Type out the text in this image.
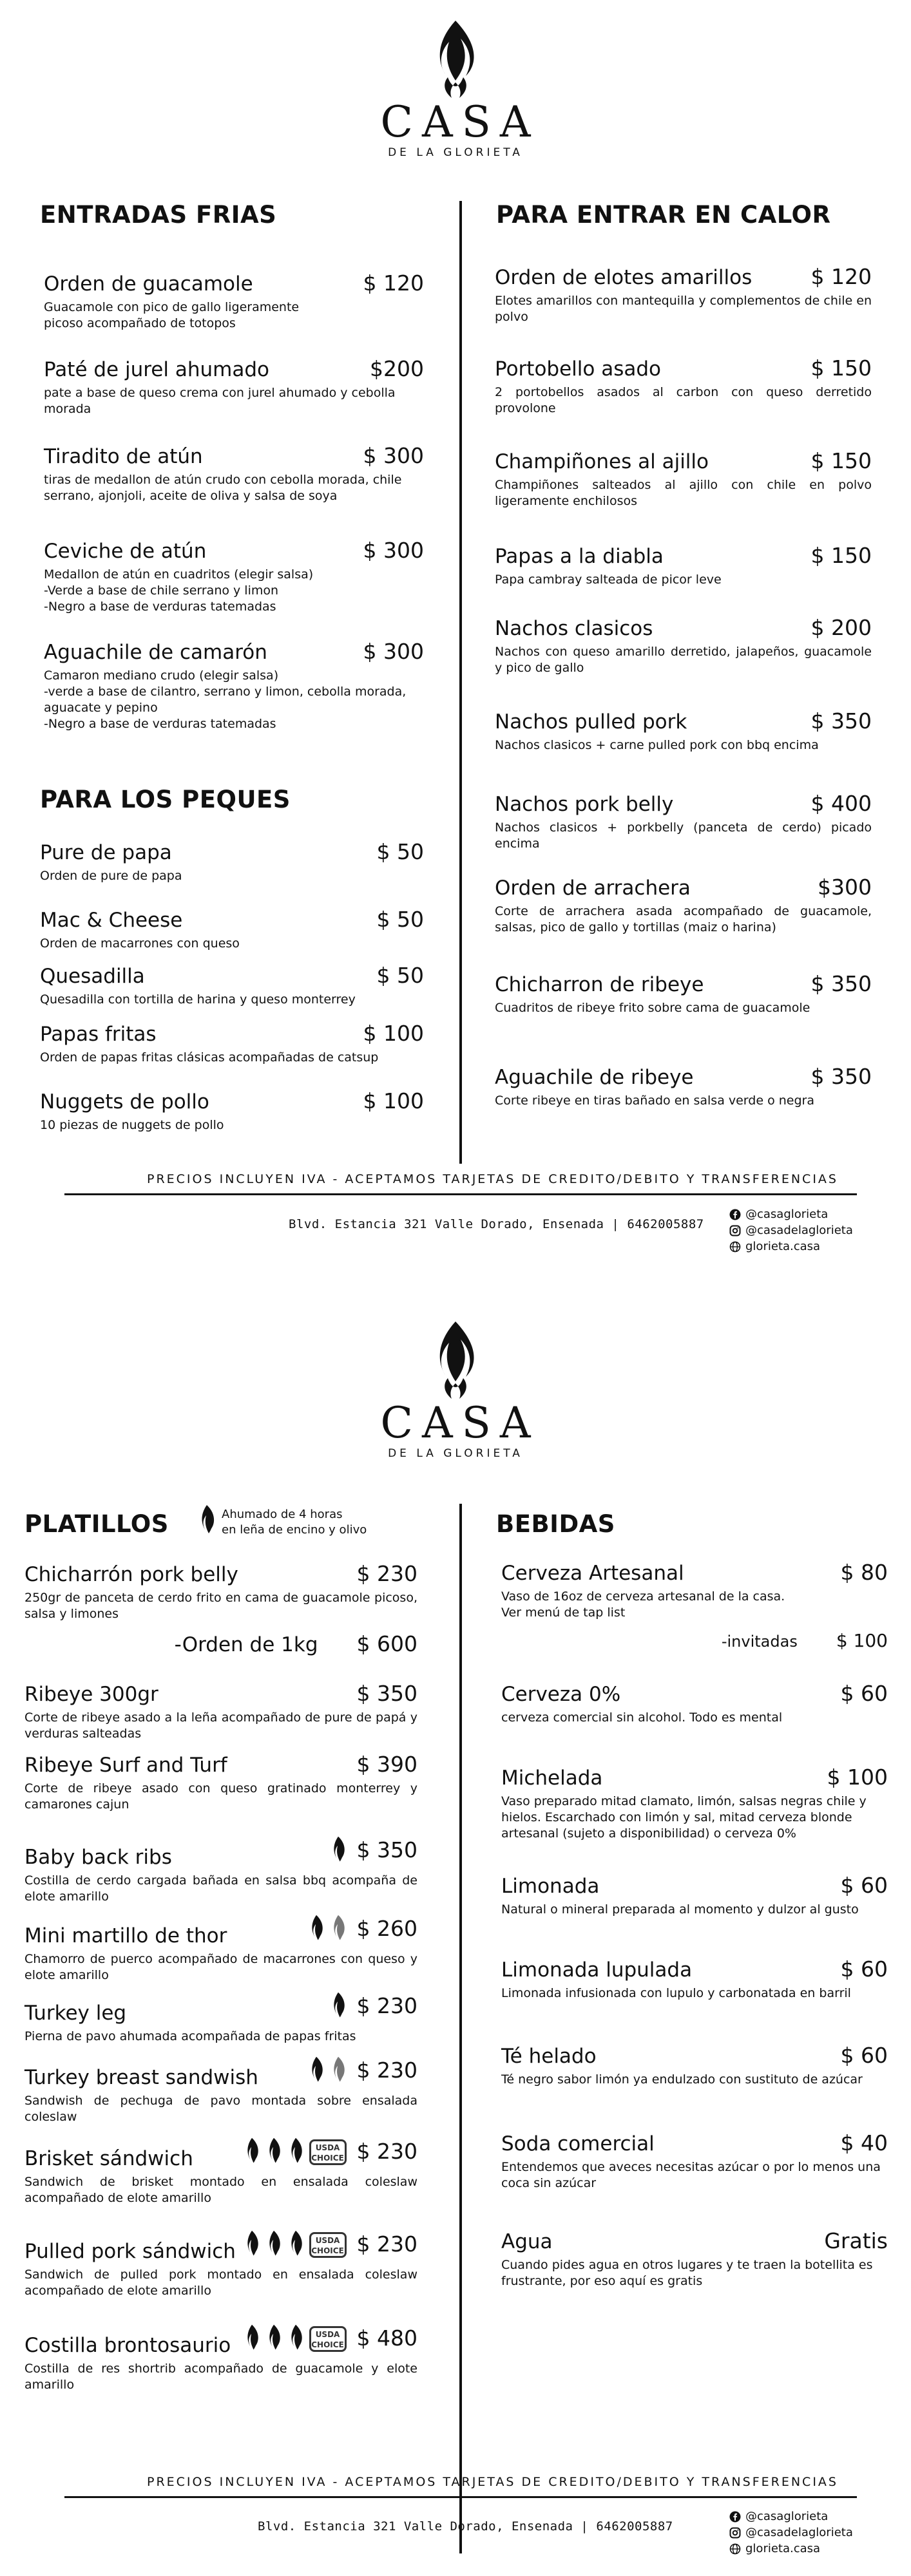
CASA
DE LA GLORIETA
ENTRADAS FRIAS	PARA ENTRAR EN CALOR
Orden de guacamole	$ 120
Guacamole con pico de gallo ligeramente
picoso acompañado de totopos
Paté de jurel ahumado	$200
pate a base de queso crema con jurel ahumado y cebolla morada
Tiradito de atún	$ 300
tiras de medallon de atún crudo con cebolla morada, chile serrano, ajonjoli, aceite de oliva y salsa de soya
Ceviche de atún	$ 300
Medallon de atún en cuadritos (elegir salsa)
-Verde a base de chile serrano y limon
-Negro a base de verduras tatemadas
Aguachile de camarón	$ 300
Camaron mediano crudo (elegir salsa)
-verde a base de cilantro, serrano y limon, cebolla morada, aguacate y pepino
-Negro a base de verduras tatemadas
PARA LOS PEQUES
Pure de papa	$ 50
Orden de pure de papa
Mac & Cheese	$ 50
Orden de macarrones con queso
Quesadilla	$ 50
Quesadilla con tortilla de harina y queso monterrey
Papas fritas	$ 100
Orden de papas fritas clásicas acompañadas de catsup
Nuggets de pollo	$ 100
10 piezas de nuggets de pollo
Orden de elotes amarillos	$ 120
Elotes amarillos con mantequilla y complementos de chile en polvo
Portobello asado	$ 150
2 portobellos asados al carbon con queso derretido provolone
Champiñones al ajillo	$ 150
Champiñones salteados al ajillo con chile en polvo ligeramente enchilosos
Papas a la diabla	$ 150
Papa cambray salteada de picor leve
Nachos clasicos	$ 200
Nachos con queso amarillo derretido, jalapeños, guacamole y pico de gallo
Nachos pulled pork	$ 350
Nachos clasicos + carne pulled pork con bbq encima
Nachos pork belly	$ 400
Nachos clasicos + porkbelly (panceta de cerdo) picado encima
Orden de arrachera	$300
Corte de arrachera asada acompañado de guacamole, salsas, pico de gallo y tortillas (maiz o harina)
Chicharron de ribeye	$ 350
Cuadritos de ribeye frito sobre cama de guacamole
Aguachile de ribeye	$ 350
Corte ribeye en tiras bañado en salsa verde o negra
PRECIOS INCLUYEN IVA - ACEPTAMOS TARJETAS DE CREDITO/DEBITO Y TRANSFERENCIAS
Blvd. Estancia 321 Valle Dorado, Ensenada | 6462005887
@casaglorieta
@casadelaglorieta
glorieta.casa
CASA
DE LA GLORIETA
PLATILLOS	Ahumado de 4 horas
en leña de encino y olivo	BEBIDAS
Chicharrón pork belly	$ 230
250gr de panceta de cerdo frito en cama de guacamole picoso, salsa y limones
-Orden de 1kg $ 600
Ribeye 300gr	$ 350
Corte de ribeye asado a la leña acompañado de pure de papá y verduras salteadas
Ribeye Surf and Turf	$ 390
Corte de ribeye asado con queso gratinado monterrey y camarones cajun
Baby back ribs	$ 350
Costilla de cerdo cargada bañada en salsa bbq acompaña de elote amarillo
Mini martillo de thor	$ 260
Chamorro de puerco acompañado de macarrones con queso y elote amarillo
Turkey leg	$ 230
Pierna de pavo ahumada acompañada de papas fritas
Turkey breast sandwish	$ 230
Sandwish de pechuga de pavo montada sobre ensalada coleslaw
Brisket sándwich	USDA
CHOICE $ 230
Sandwich de brisket montado en ensalada coleslaw acompañado de elote amarillo
Pulled pork sándwich	USDA
CHOICE $ 230
Sandwich de pulled pork montado en ensalada coleslaw acompañado de elote amarillo
Costilla brontosaurio	USDA
CHOICE $ 480
Costilla de res shortrib acompañado de guacamole y elote amarillo
Cerveza Artesanal	$ 80
Vaso de 16oz de cerveza artesanal de la casa.
Ver menú de tap list
-invitadas $ 100
Cerveza 0%	$ 60
cerveza comercial sin alcohol. Todo es mental
Michelada	$ 100
Vaso preparado mitad clamato, limón, salsas negras chile y hielos. Escarchado con limón y sal, mitad cerveza blonde artesanal (sujeto a disponibilidad) o cerveza 0%
Limonada	$ 60
Natural o mineral preparada al momento y dulzor al gusto
Limonada lupulada	$ 60
Limonada infusionada con lupulo y carbonatada en barril
Té helado	$ 60
Té negro sabor limón ya endulzado con sustituto de azúcar
Soda comercial	$ 40
Entendemos que aveces necesitas azúcar o por lo menos una coca sin azúcar
Agua	Gratis
Cuando pides agua en otros lugares y te traen la botellita es frustrante, por eso aquí es gratis
PRECIOS INCLUYEN IVA - ACEPTAMOS TARJETAS DE CREDITO/DEBITO Y TRANSFERENCIAS
Blvd. Estancia 321 Valle Dorado, Ensenada | 6462005887
@casaglorieta
@casadelaglorieta
glorieta.casa
